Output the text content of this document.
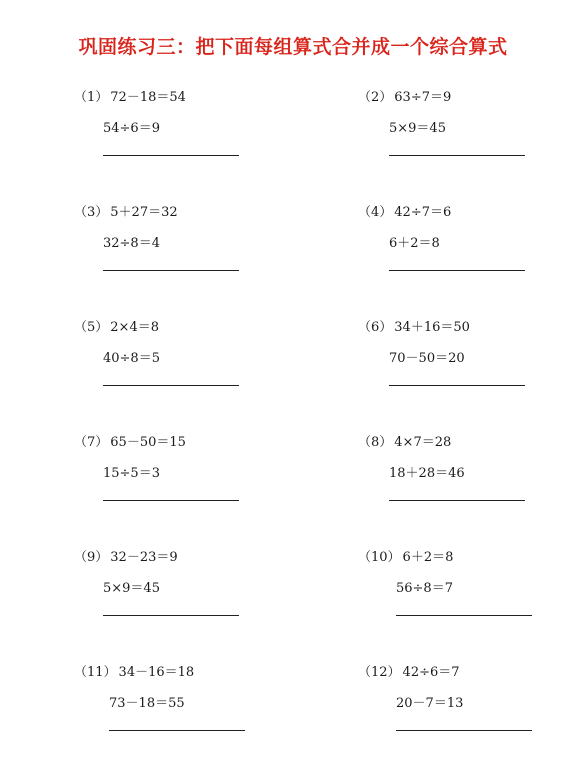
巩固练习三：把下面每组算式合并成一个综合算式
（1） 72－18＝54
54÷6＝9
（2） 63÷7＝9
5×9＝45
（3） 5＋27＝32
32÷8＝4
（4） 42÷7＝6
6＋2＝8
（5） 2×4＝8
40÷8＝5
（6） 34＋16＝50
70－50＝20
（7） 65－50＝15
15÷5＝3
（8） 4×7＝28
18＋28＝46
（9） 32－23＝9
5×9＝45
（10） 6＋2＝8
56÷8＝7
（11） 34－16＝18
73－18＝55
（12） 42÷6＝7
20－7＝13
